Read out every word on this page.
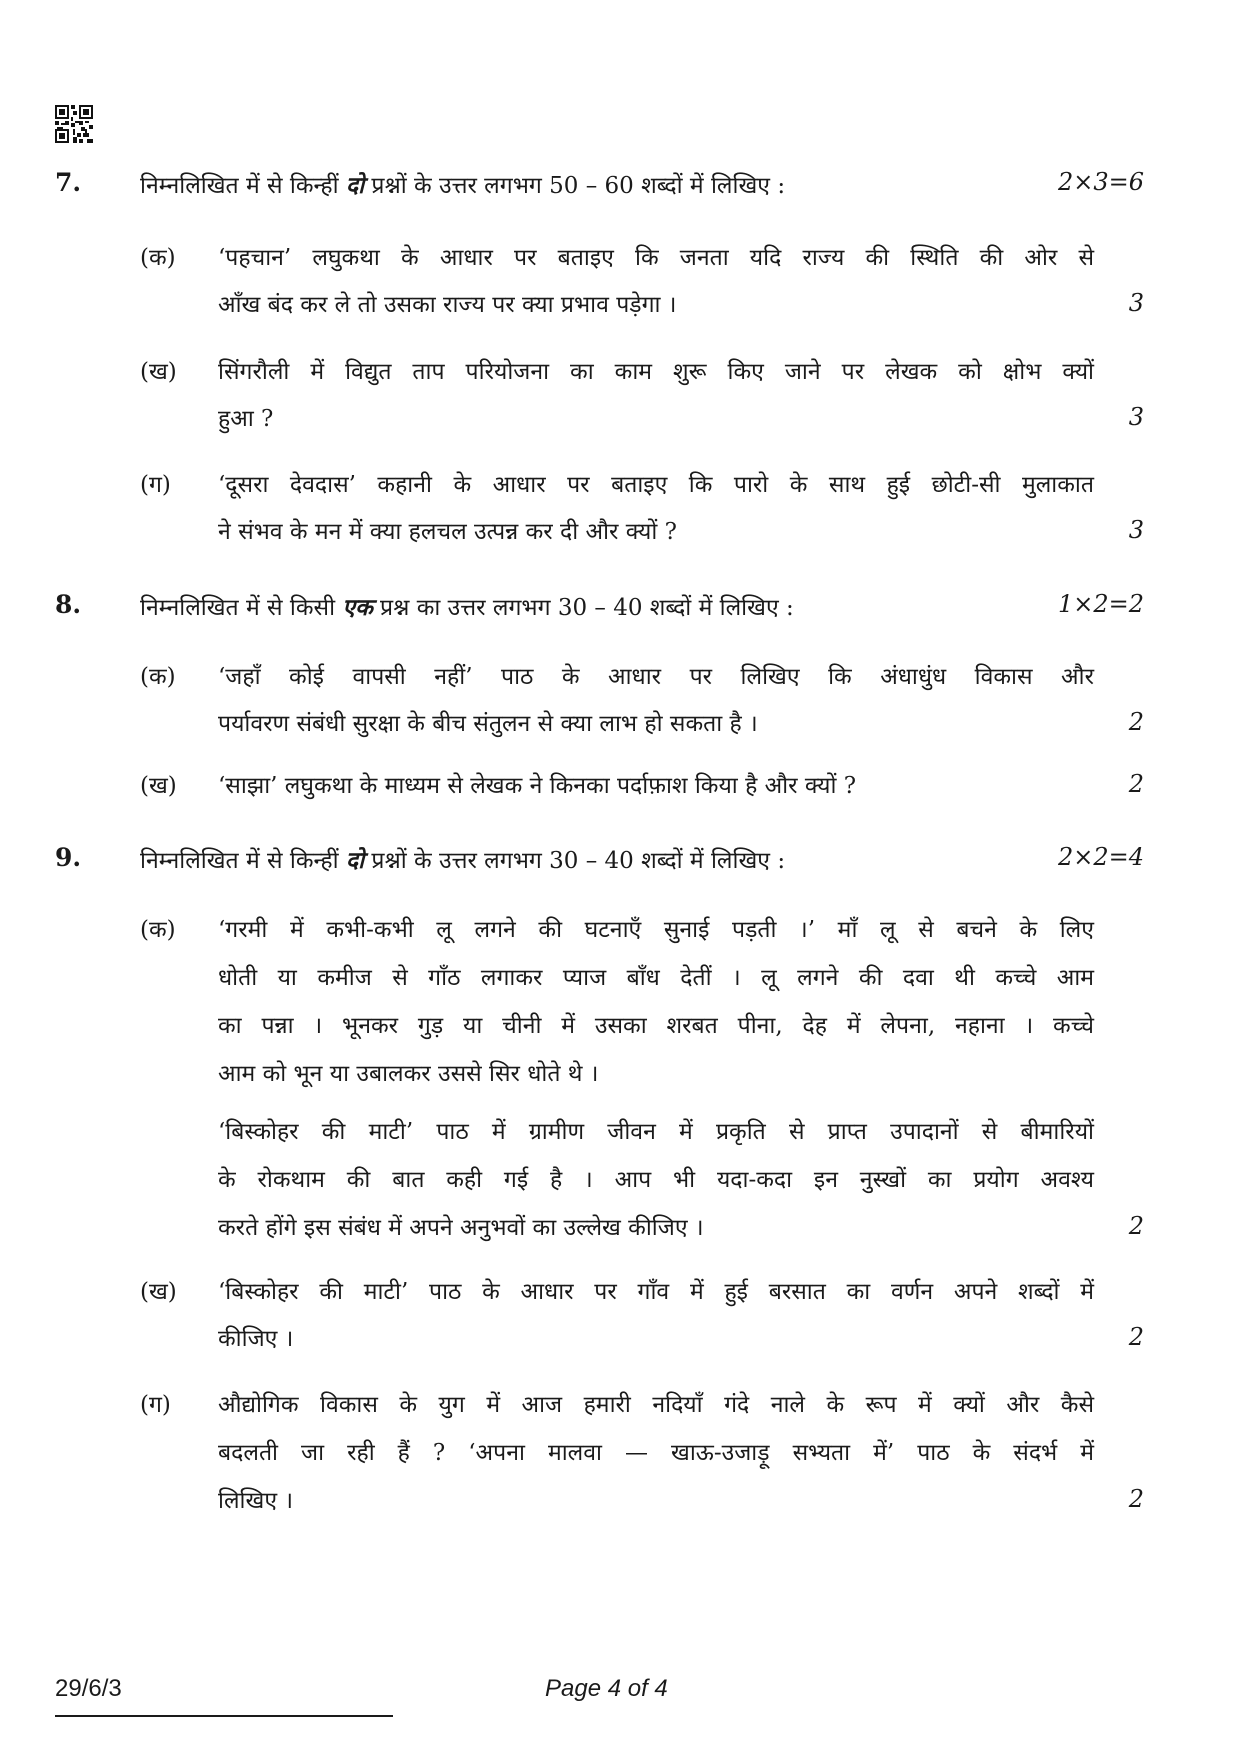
7.	निम्नलिखित में से किन्हीं दो प्रश्नों के उत्तर लगभग 50 – 60 शब्दों में लिखिए :	2×3=6
(क) ‘पहचान’ लघुकथा के आधार पर बताइए कि जनता यदि राज्य की स्थिति की ओर से
आँख बंद कर ले तो उसका राज्य पर क्या प्रभाव पड़ेगा ।	3
(ख) सिंगरौली में विद्युत ताप परियोजना का काम शुरू किए जाने पर लेखक को क्षोभ क्यों
हुआ ?	3
(ग) ‘दूसरा देवदास’ कहानी के आधार पर बताइए कि पारो के साथ हुई छोटी-सी मुलाकात
ने संभव के मन में क्या हलचल उत्पन्न कर दी और क्यों ?	3
8.	निम्नलिखित में से किसी एक प्रश्न का उत्तर लगभग 30 – 40 शब्दों में लिखिए :	1×2=2
(क) ‘जहाँ कोई वापसी नहीं’ पाठ के आधार पर लिखिए कि अंधाधुंध विकास और
पर्यावरण संबंधी सुरक्षा के बीच संतुलन से क्या लाभ हो सकता है ।	2
(ख) ‘साझा’ लघुकथा के माध्यम से लेखक ने किनका पर्दाफ़ाश किया है और क्यों ?	2
9.	निम्नलिखित में से किन्हीं दो प्रश्नों के उत्तर लगभग 30 – 40 शब्दों में लिखिए :	2×2=4
(क) ‘गरमी में कभी-कभी लू लगने की घटनाएँ सुनाई पड़ती ।’ माँ लू से बचने के लिए
धोती या कमीज से गाँठ लगाकर प्याज बाँध देतीं । लू लगने की दवा थी कच्चे आम
का पन्ना । भूनकर गुड़ या चीनी में उसका शरबत पीना, देह में लेपना, नहाना । कच्चे
आम को भून या उबालकर उससे सिर धोते थे ।
‘बिस्कोहर की माटी’ पाठ में ग्रामीण जीवन में प्रकृति से प्राप्त उपादानों से बीमारियों
के रोकथाम की बात कही गई है । आप भी यदा-कदा इन नुस्खों का प्रयोग अवश्य
करते होंगे इस संबंध में अपने अनुभवों का उल्लेख कीजिए ।	2
(ख) ‘बिस्कोहर की माटी’ पाठ के आधार पर गाँव में हुई बरसात का वर्णन अपने शब्दों में
कीजिए ।	2
(ग) औद्योगिक विकास के युग में आज हमारी नदियाँ गंदे नाले के रूप में क्यों और कैसे
बदलती जा रही हैं ? ‘अपना मालवा — खाऊ-उजाड़ू सभ्यता में’ पाठ के संदर्भ में
लिखिए ।	2
29/6/3	Page 4 of 4
